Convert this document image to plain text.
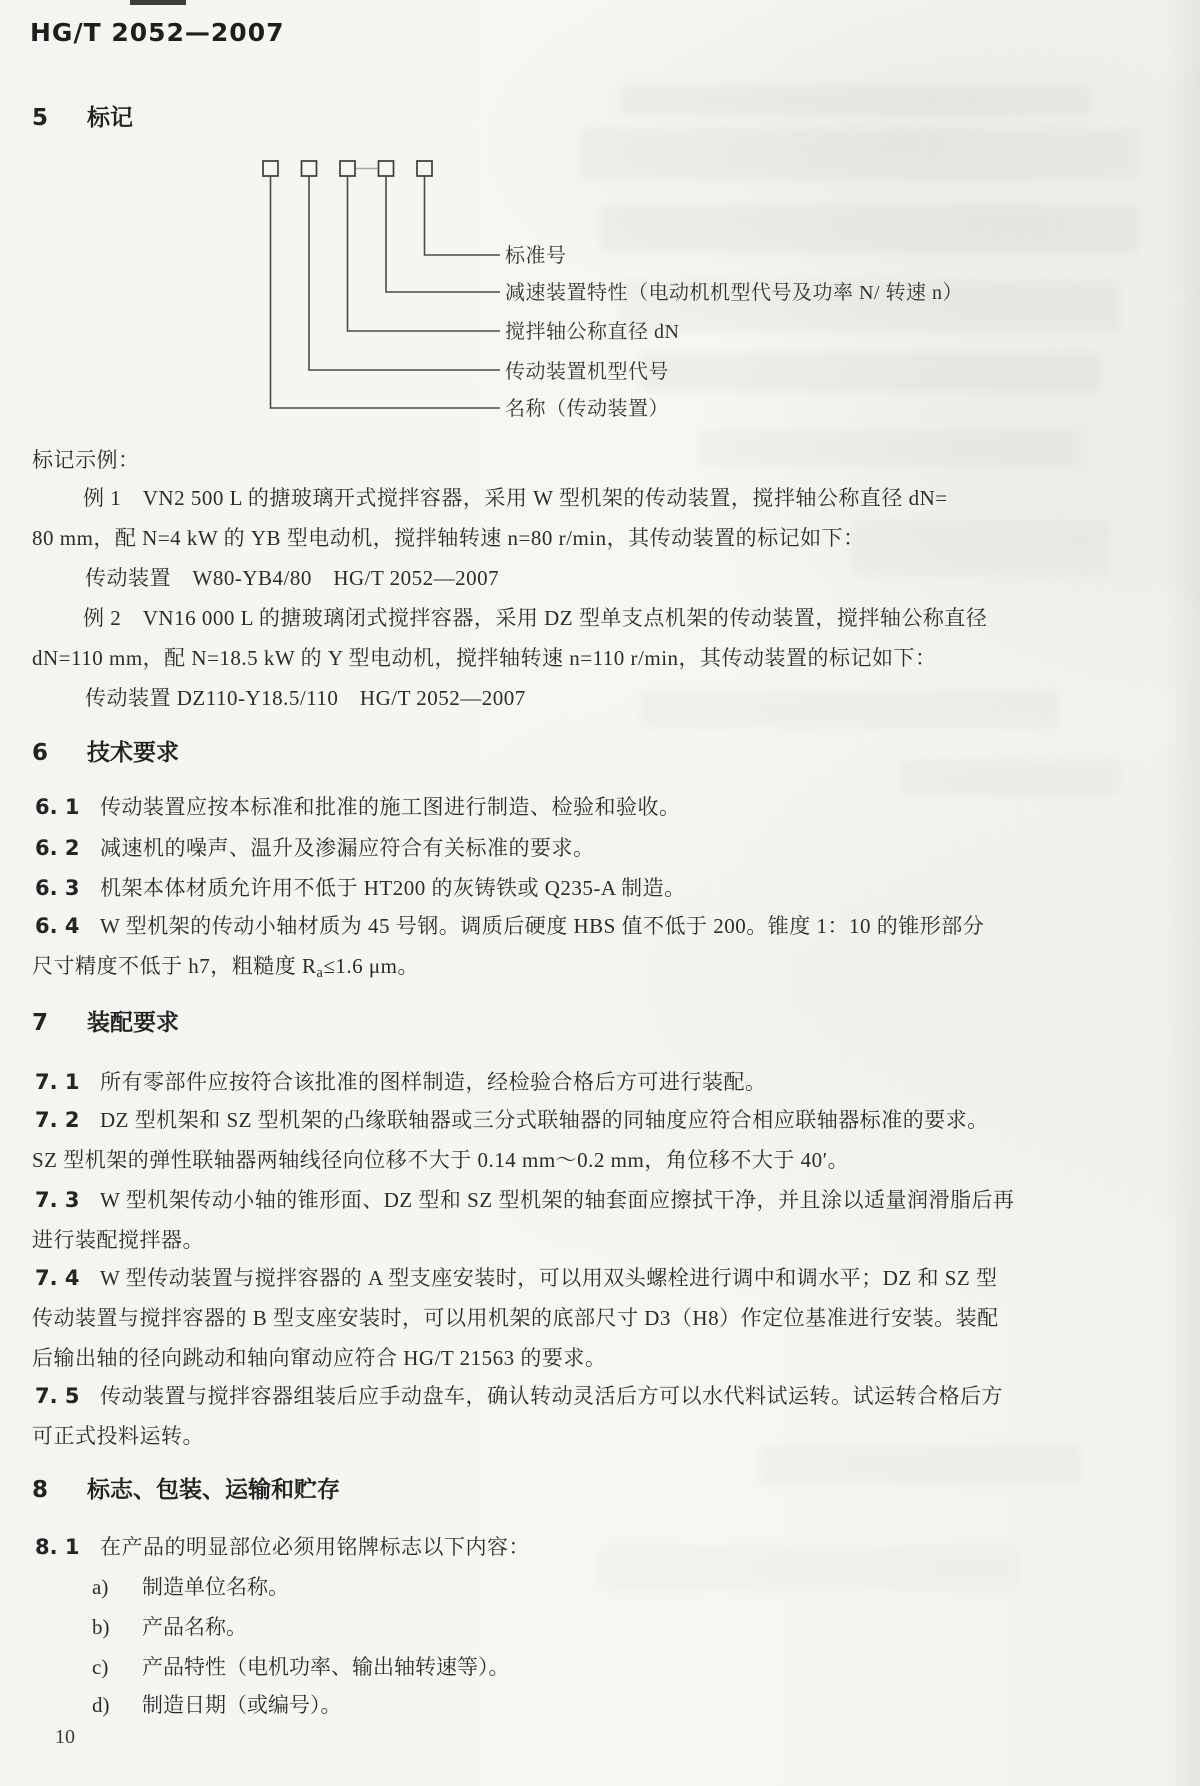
HG/T 2052—2007
5	标记
标准号
减速装置特性（电动机机型代号及功率 N/ 转速 n）
搅拌轴公称直径 dN
传动装置机型代号
名称（传动装置）
标记示例：
例 1　VN2 500 L 的搪玻璃开式搅拌容器，采用 W 型机架的传动装置，搅拌轴公称直径 dN=
80 mm，配 N=4 kW 的 YB 型电动机，搅拌轴转速 n=80 r/min，其传动装置的标记如下：
传动装置　W80-YB4/80　HG/T 2052—2007
例 2　VN16 000 L 的搪玻璃闭式搅拌容器，采用 DZ 型单支点机架的传动装置，搅拌轴公称直径
dN=110 mm，配 N=18.5 kW 的 Y 型电动机，搅拌轴转速 n=110 r/min，其传动装置的标记如下：
传动装置 DZ110-Y18.5/110　HG/T 2052—2007
6	技术要求
6. 1 传动装置应按本标准和批准的施工图进行制造、检验和验收。
6. 2 减速机的噪声、温升及渗漏应符合有关标准的要求。
6. 3 机架本体材质允许用不低于 HT200 的灰铸铁或 Q235-A 制造。
6. 4 W 型机架的传动小轴材质为 45 号钢。调质后硬度 HBS 值不低于 200。锥度 1：10 的锥形部分
尺寸精度不低于 h7，粗糙度 $R_a\le 1.6$ μm。
7	装配要求
7. 1 所有零部件应按符合该批准的图样制造，经检验合格后方可进行装配。
7. 2 DZ 型机架和 SZ 型机架的凸缘联轴器或三分式联轴器的同轴度应符合相应联轴器标准的要求。
SZ 型机架的弹性联轴器两轴线径向位移不大于 0.14 mm～0.2 mm，角位移不大于 40′。
7. 3 W 型机架传动小轴的锥形面、DZ 型和 SZ 型机架的轴套面应擦拭干净，并且涂以适量润滑脂后再
进行装配搅拌器。
7. 4 W 型传动装置与搅拌容器的 A 型支座安装时，可以用双头螺栓进行调中和调水平；DZ 和 SZ 型
传动装置与搅拌容器的 B 型支座安装时，可以用机架的底部尺寸 D3（H8）作定位基准进行安装。装配
后输出轴的径向跳动和轴向窜动应符合 HG/T 21563 的要求。
7. 5 传动装置与搅拌容器组装后应手动盘车，确认转动灵活后方可以水代料试运转。试运转合格后方
可正式投料运转。
8	标志、包装、运输和贮存
8. 1 在产品的明显部位必须用铭牌标志以下内容：
a)	制造单位名称。
b)	产品名称。
c)	产品特性（电机功率、输出轴转速等）。
d)	制造日期（或编号）。
10
